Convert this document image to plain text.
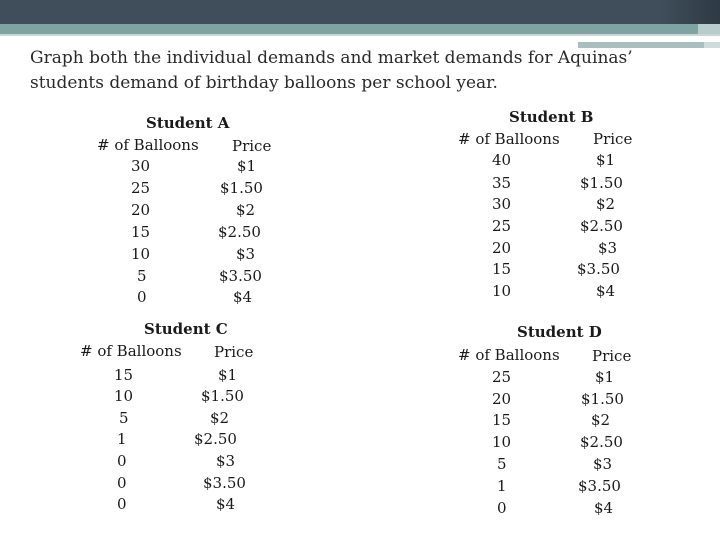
Graph both the individual demands and market demands for Aquinas’ students demand of birthday balloons per school year.
Student A
# of Balloons Price
30	$1
25	$1.50
20	$2
15	$2.50
10	$3
5	$3.50
0	$4
Student B
# of Balloons Price
40	$1
35	$1.50
30	$2
25	$2.50
20	$3
15	$3.50
10	$4
Student C
# of Balloons Price
15	$1
10	$1.50
5	$2
1	$2.50
0	$3
0	$3.50
0	$4
Student D
# of Balloons Price
25	$1
20	$1.50
15	$2
10	$2.50
5	$3
1	$3.50
0	$4
